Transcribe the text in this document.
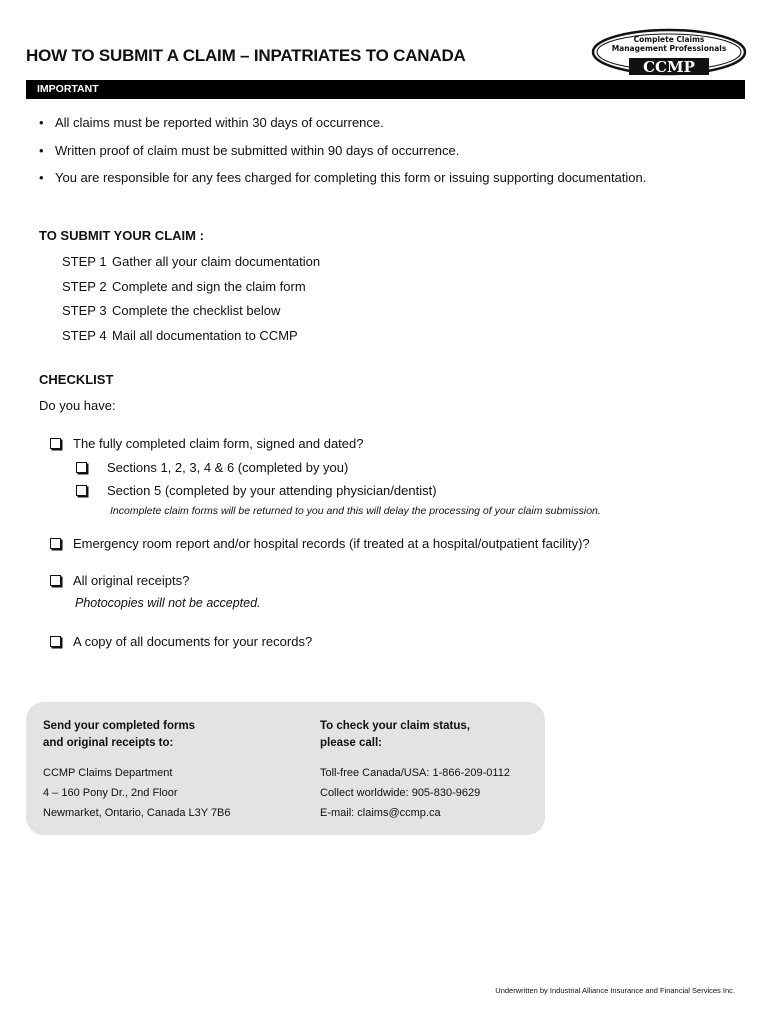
HOW TO SUBMIT A CLAIM – INPATRIATES TO CANADA
Complete Claims
Management Professionals
CCMP
IMPORTANT
• All claims must be reported within 30 days of occurrence.
• Written proof of claim must be submitted within 90 days of occurrence.
• You are responsible for any fees charged for completing this form or issuing supporting documentation.
TO SUBMIT YOUR CLAIM :
STEP 1 Gather all your claim documentation
STEP 2 Complete and sign the claim form
STEP 3 Complete the checklist below
STEP 4 Mail all documentation to CCMP
CHECKLIST
Do you have:
The fully completed claim form, signed and dated?
Sections 1, 2, 3, 4 & 6 (completed by you)
Section 5 (completed by your attending physician/dentist)
Incomplete claim forms will be returned to you and this will delay the processing of your claim submission.
Emergency room report and/or hospital records (if treated at a hospital/outpatient facility)?
All original receipts?
Photocopies will not be accepted.
A copy of all documents for your records?
Send your completed forms
and original receipts to:
CCMP Claims Department
4 – 160 Pony Dr., 2nd Floor
Newmarket, Ontario, Canada L3Y 7B6
To check your claim status,
please call:
Toll-free Canada/USA: 1-866-209-0112
Collect worldwide: 905-830-9629
E-mail: claims@ccmp.ca
Underwritten by Industrial Alliance Insurance and Financial Services Inc.
